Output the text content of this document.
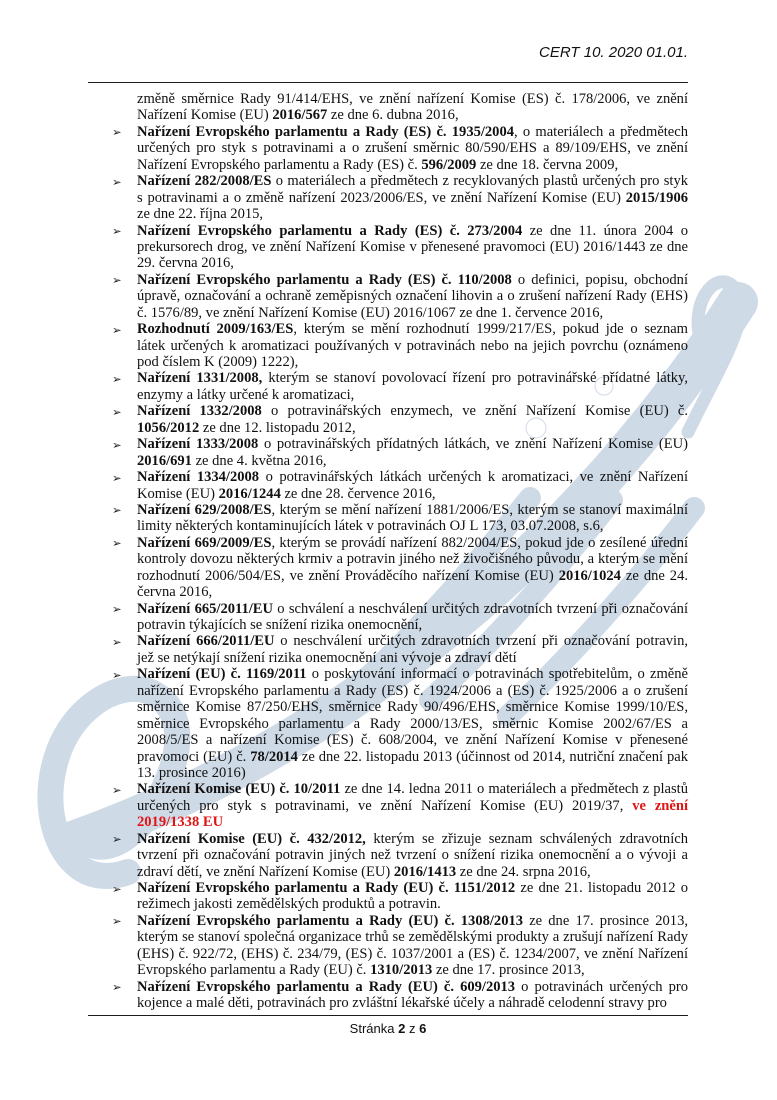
CERT 10. 2020 01.01.

změně směrnice Rady 91/414/EHS, ve znění nařízení Komise (ES) č. 178/2006, ve znění Nařízení Komise (EU) 2016/567 ze dne 6. dubna 2016,

➢ Nařízení Evropského parlamentu a Rady (ES) č. 1935/2004, o materiálech a předmětech určených pro styk s potravinami a o zrušení směrnic 80/590/EHS a 89/109/EHS, ve znění Nařízení Evropského parlamentu a Rady (ES) č. 596/2009 ze dne 18. června 2009,
➢ Nařízení 282/2008/ES o materiálech a předmětech z recyklovaných plastů určených pro styk s potravinami a o změně nařízení 2023/2006/ES, ve znění Nařízení Komise (EU) 2015/1906 ze dne 22. října 2015,
➢ Nařízení Evropského parlamentu a Rady (ES) č. 273/2004 ze dne 11. února 2004 o prekursorech drog, ve znění Nařízení Komise v přenesené pravomoci (EU) 2016/1443 ze dne 29. června 2016,
➢ Nařízení Evropského parlamentu a Rady (ES) č. 110/2008 o definici, popisu, obchodní úpravě, označování a ochraně zeměpisných označení lihovin a o zrušení nařízení Rady (EHS) č. 1576/89, ve znění Nařízení Komise (EU) 2016/1067 ze dne 1. července 2016,
➢ Rozhodnutí 2009/163/ES, kterým se mění rozhodnutí 1999/217/ES, pokud jde o seznam látek určených k aromatizaci používaných v potravinách nebo na jejich povrchu (oznámeno pod číslem K (2009) 1222),
➢ Nařízení 1331/2008, kterým se stanoví povolovací řízení pro potravinářské přídatné látky, enzymy a látky určené k aromatizaci,
➢ Nařízení 1332/2008 o potravinářských enzymech, ve znění Nařízení Komise (EU) č. 1056/2012 ze dne 12. listopadu 2012,
➢ Nařízení 1333/2008 o potravinářských přídatných látkách, ve znění Nařízení Komise (EU) 2016/691 ze dne 4. května 2016,
➢ Nařízení 1334/2008 o potravinářských látkách určených k aromatizaci, ve znění Nařízení Komise (EU) 2016/1244 ze dne 28. července 2016,
➢ Nařízení 629/2008/ES, kterým se mění nařízení 1881/2006/ES, kterým se stanoví maximální limity některých kontaminujících látek v potravinách OJ L 173, 03.07.2008, s.6,
➢ Nařízení 669/2009/ES, kterým se provádí nařízení 882/2004/ES, pokud jde o zesílené úřední kontroly dovozu některých krmiv a potravin jiného než živočišného původu, a kterým se mění rozhodnutí 2006/504/ES, ve znění Prováděcího nařízení Komise (EU) 2016/1024 ze dne 24. června 2016,
➢ Nařízení 665/2011/EU o schválení a neschválení určitých zdravotních tvrzení při označování potravin týkajících se snížení rizika onemocnění,
➢ Nařízení 666/2011/EU o neschválení určitých zdravotních tvrzení při označování potravin, jež se netýkají snížení rizika onemocnění ani vývoje a zdraví dětí
➢ Nařízení (EU) č. 1169/2011 o poskytování informací o potravinách spotřebitelům, o změně nařízení Evropského parlamentu a Rady (ES) č. 1924/2006 a (ES) č. 1925/2006 a o zrušení směrnice Komise 87/250/EHS, směrnice Rady 90/496/EHS, směrnice Komise 1999/10/ES, směrnice Evropského parlamentu a Rady 2000/13/ES, směrnic Komise 2002/67/ES a 2008/5/ES a nařízení Komise (ES) č. 608/2004, ve znění Nařízení Komise v přenesené pravomoci (EU) č. 78/2014 ze dne 22. listopadu 2013 (účinnost od 2014, nutriční značení pak 13. prosince 2016)
➢ Nařízení Komise (EU) č. 10/2011 ze dne 14. ledna 2011 o materiálech a předmětech z plastů určených pro styk s potravinami, ve znění Nařízení Komise (EU) 2019/37, ve znění 2019/1338 EU
➢ Nařízení Komise (EU) č. 432/2012, kterým se zřizuje seznam schválených zdravotních tvrzení při označování potravin jiných než tvrzení o snížení rizika onemocnění a o vývoji a zdraví dětí, ve znění Nařízení Komise (EU) 2016/1413 ze dne 24. srpna 2016,
➢ Nařízení Evropského parlamentu a Rady (EU) č. 1151/2012 ze dne 21. listopadu 2012 o režimech jakosti zemědělských produktů a potravin.
➢ Nařízení Evropského parlamentu a Rady (EU) č. 1308/2013 ze dne 17. prosince 2013, kterým se stanoví společná organizace trhů se zemědělskými produkty a zrušují nařízení Rady (EHS) č. 922/72, (EHS) č. 234/79, (ES) č. 1037/2001 a (ES) č. 1234/2007, ve znění Nařízení Evropského parlamentu a Rady (EU) č. 1310/2013 ze dne 17. prosince 2013,
➢ Nařízení Evropského parlamentu a Rady (EU) č. 609/2013 o potravinách určených pro kojence a malé děti, potravinách pro zvláštní lékařské účely a náhradě celodenní stravy pro
Stránka 2 z 6
